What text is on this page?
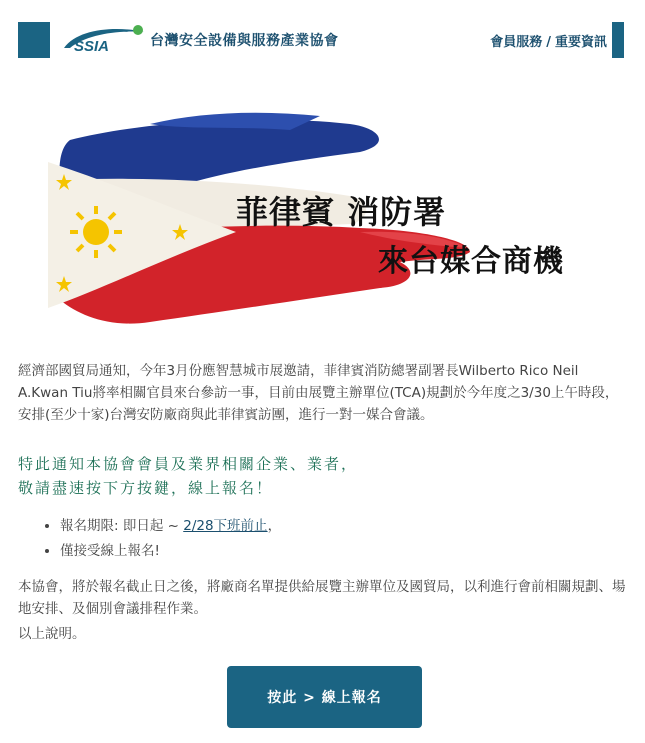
SSIA	台灣安全設備與服務產業協會	會員服務 / 重要資訊
菲律賓 消防署
來台媒合商機
經濟部國貿局通知，今年3月份應智慧城市展邀請，菲律賓消防總署副署長Wilberto Rico Neil A.Kwan Tiu將率相關官員來台參訪一事，目前由展覽主辦單位(TCA)規劃於今年度之3/30上午時段，安排(至少十家)台灣安防廠商與此菲律賓訪團，進行一對一媒合會議。
特此通知本協會會員及業界相關企業、業者，
敬請盡速按下方按鍵，線上報名！
• 報名期限: 即日起 ~ 2/28下班前止，
• 僅接受線上報名!
本協會，將於報名截止日之後，將廠商名單提供給展覽主辦單位及國貿局，以利進行會前相關規劃、場地安排、及個別會議排程作業。
以上說明。
按此 > 線上報名
